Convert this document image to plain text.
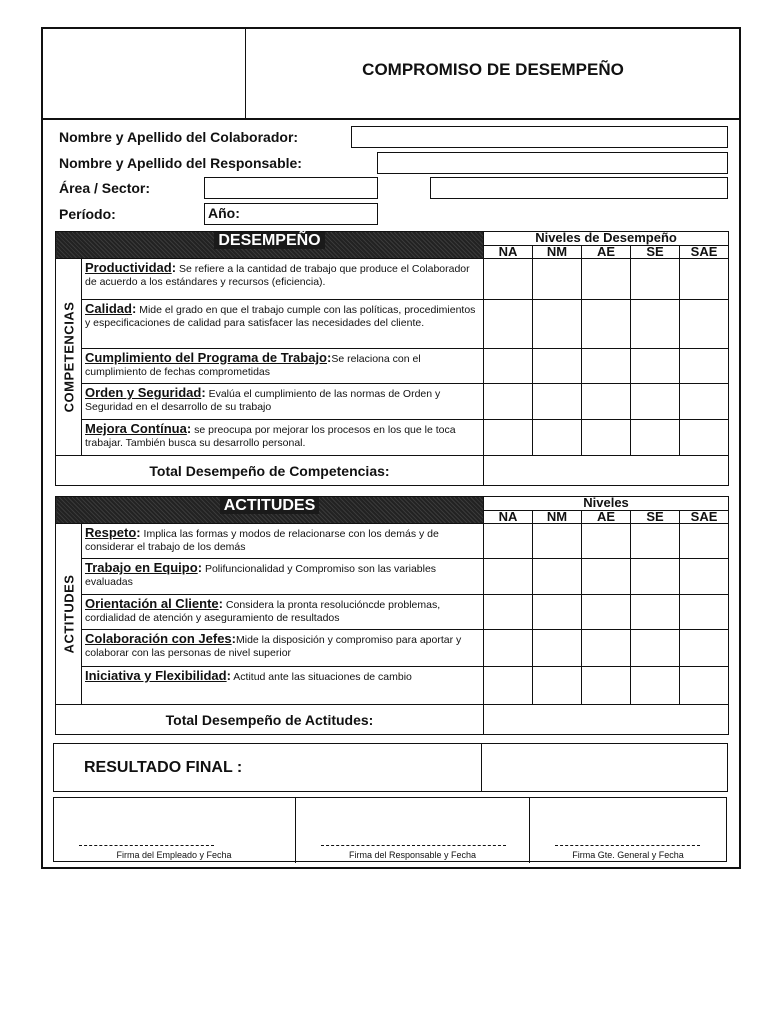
COMPROMISO DE DESEMPEÑO
Nombre y Apellido del Colaborador:
Nombre y Apellido del Responsable:
Área / Sector:
Período:	Año:
DESEMPEÑO		Niveles de Desempeño				
		NA	NM	AE	SE	SAE

COMPETENCIAS	Productividad: Se refiere a la cantidad de trabajo que produce el Colaborador de acuerdo a los estándares y recursos (eficiencia).					
	Calidad: Mide el grado en que el trabajo cumple con las políticas, procedimientos y especificaciones de calidad para satisfacer las necesidades del cliente.					
	Cumplimiento del Programa de Trabajo:Se relaciona con el cumplimiento de fechas comprometidas					
	Orden y Seguridad: Evalúa el cumplimiento de las normas de Orden y Seguridad en el desarrollo de su trabajo					
	Mejora Contínua: se preocupa por mejorar los procesos en los que le toca trabajar. También busca su desarrollo personal.					
Total Desempeño de Competencias:						
ACTITUDES		Niveles				
		NA	NM	AE	SE	SAE

ACTITUDES	Respeto: Implica las formas y modos de relacionarse con los demás y de considerar el trabajo de los demás					
	Trabajo en Equipo: Polifuncionalidad y Compromiso son las variables evaluadas					
	Orientación al Cliente: Considera la pronta resolucióncde problemas, cordialidad de atención y aseguramiento de resultados					
	Colaboración con Jefes:Mide la disposición y compromiso para aportar y colaborar con las personas de nivel superior					
	Iniciativa y Flexibilidad: Actitud ante las situaciones de cambio					
Total Desempeño de Actitudes:						
RESULTADO FINAL :	
Firma del Empleado y Fecha	Firma del Responsable y Fecha	Firma Gte. General y Fecha
